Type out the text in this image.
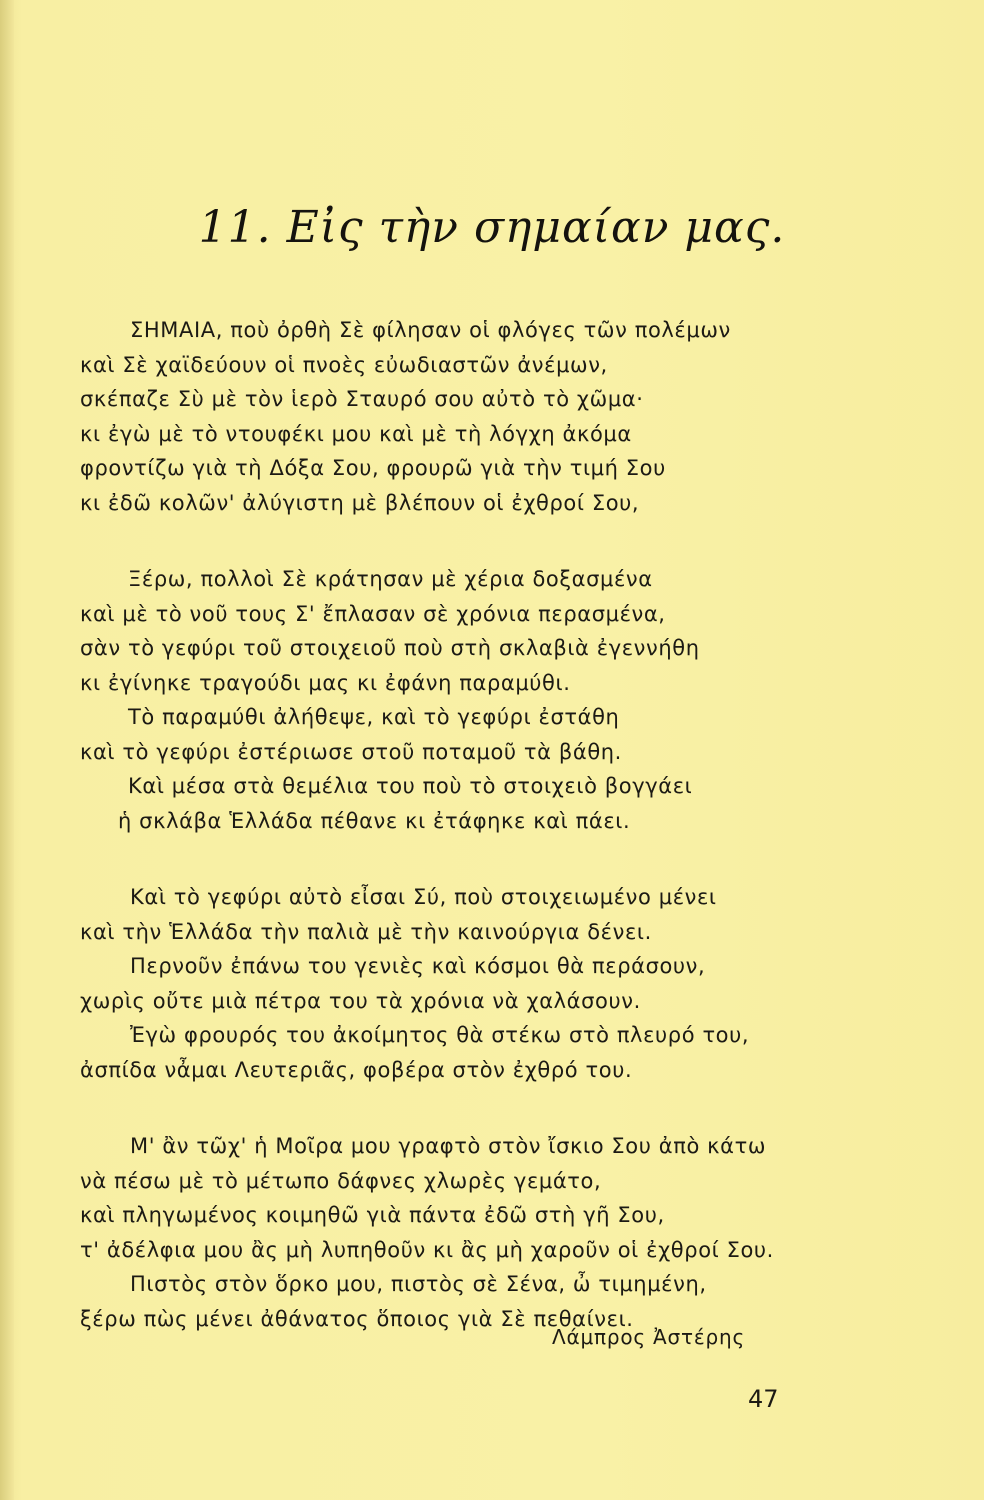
11. Εἰς τὴν σημαίαν μας.
ΣΗΜΑΙΑ, ποὺ ὀρθὴ Σὲ φίλησαν οἱ φλόγες τῶν πολέμων
καὶ Σὲ χαϊδεύουν οἱ πνοὲς εὐωδιαστῶν ἀνέμων,
σκέπαζε Σὺ μὲ τὸν ἱερὸ Σταυρό σου αὐτὸ τὸ χῶμα·
κι ἐγὼ μὲ τὸ ντουφέκι μου καὶ μὲ τὴ λόγχη ἀκόμα
φροντίζω γιὰ τὴ Δόξα Σου, φρουρῶ γιὰ τὴν τιμή Σου
κι ἐδῶ κολῶν' ἀλύγιστη μὲ βλέπουν οἱ ἐχθροί Σου,
Ξέρω, πολλοὶ Σὲ κράτησαν μὲ χέρια δοξασμένα
καὶ μὲ τὸ νοῦ τους Σ' ἔπλασαν σὲ χρόνια περασμένα,
σὰν τὸ γεφύρι τοῦ στοιχειοῦ ποὺ στὴ σκλαβιὰ ἐγεννήθη
κι ἐγίνηκε τραγούδι μας κι ἐφάνη παραμύθι.
Τὸ παραμύθι ἀλήθεψε, καὶ τὸ γεφύρι ἐστάθη
καὶ τὸ γεφύρι ἐστέριωσε στοῦ ποταμοῦ τὰ βάθη.
Καὶ μέσα στὰ θεμέλια του ποὺ τὸ στοιχειὸ βογγάει
ἡ σκλάβα Ἑλλάδα πέθανε κι ἐτάφηκε καὶ πάει.
Καὶ τὸ γεφύρι αὐτὸ εἶσαι Σύ, ποὺ στοιχειωμένο μένει
καὶ τὴν Ἑλλάδα τὴν παλιὰ μὲ τὴν καινούργια δένει.
Περνοῦν ἐπάνω του γενιὲς καὶ κόσμοι θὰ περάσουν,
χωρὶς οὔτε μιὰ πέτρα του τὰ χρόνια νὰ χαλάσουν.
Ἐγὼ φρουρός του ἀκοίμητος θὰ στέκω στὸ πλευρό του,
ἀσπίδα νἆμαι Λευτεριᾶς, φοβέρα στὸν ἐχθρό του.
Μ' ἂν τῶχ' ἡ Μοῖρα μου γραφτὸ στὸν ἴσκιο Σου ἀπὸ κάτω
νὰ πέσω μὲ τὸ μέτωπο δάφνες χλωρὲς γεμάτο,
καὶ πληγωμένος κοιμηθῶ γιὰ πάντα ἐδῶ στὴ γῆ Σου,
τ' ἀδέλφια μου ἂς μὴ λυπηθοῦν κι ἂς μὴ χαροῦν οἱ ἐχθροί Σου.
Πιστὸς στὸν ὅρκο μου, πιστὸς σὲ Σένα, ὦ τιμημένη,
ξέρω πὼς μένει ἀθάνατος ὅποιος γιὰ Σὲ πεθαίνει.
Λάμπρος Ἀστέρης
47
